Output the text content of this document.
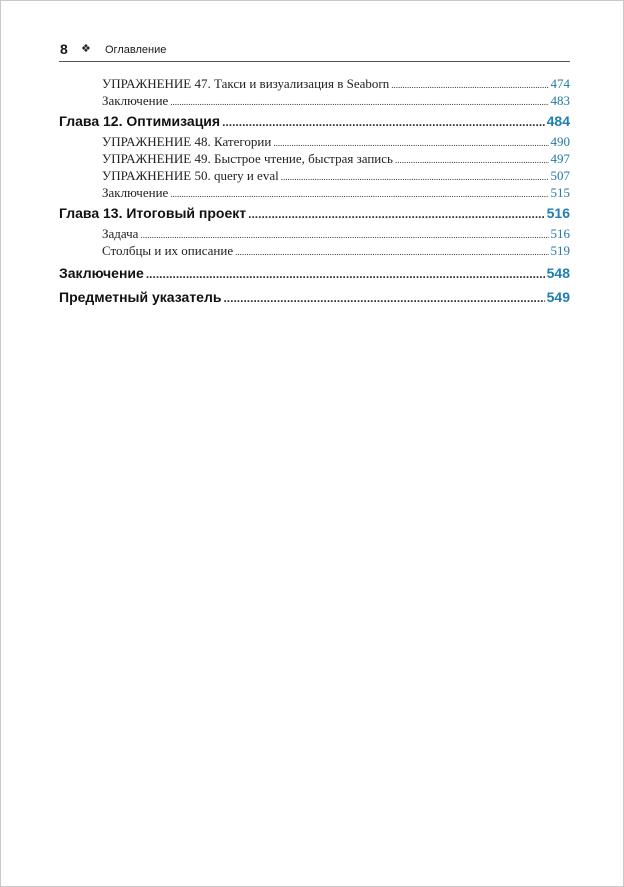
8 ❖ Оглавление
УПРАЖНЕНИЕ 47. Такси и визуализация в Seaborn .....	474
Заключение .....	483
Глава 12. Оптимизация .....	484
УПРАЖНЕНИЕ 48. Категории .....	490
УПРАЖНЕНИЕ 49. Быстрое чтение, быстрая запись .....	497
УПРАЖНЕНИЕ 50. query и eval .....	507
Заключение .....	515
Глава 13. Итоговый проект .....	516
Задача .....	516
Столбцы и их описание .....	519
Заключение .....	548
Предметный указатель .....	549
